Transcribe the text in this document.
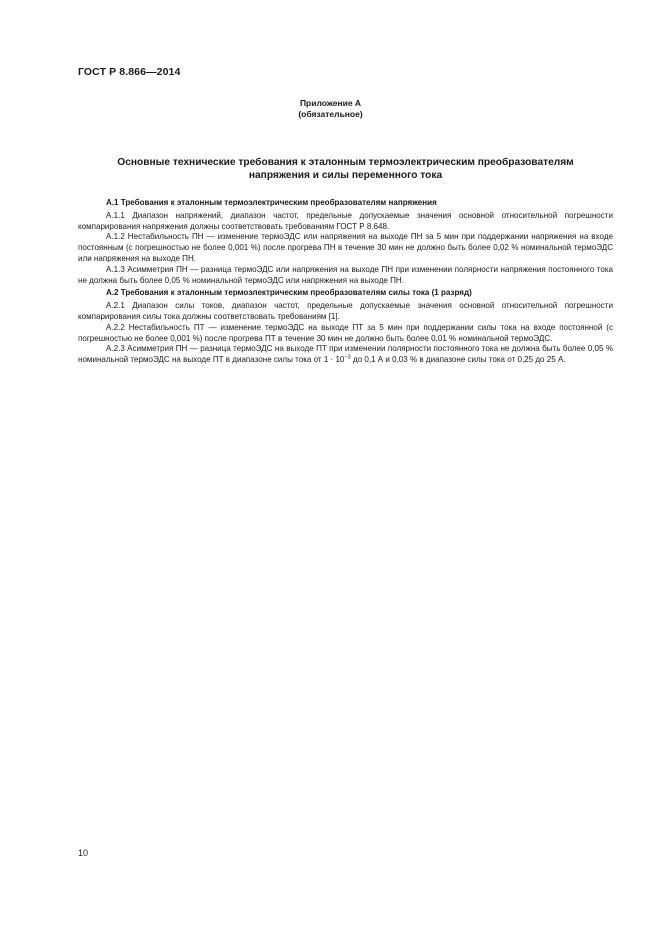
ГОСТ Р 8.866—2014
Приложение А
(обязательное)
Основные технические требования к эталонным термоэлектрическим преобразователям
напряжения и силы переменного тока

А.1 Требования к эталонным термоэлектрическим преобразователям напряжения

А.1.1 Диапазон напряжений, диапазон частот, предельные допускаемые значения основной относительной погрешности компарирования напряжения должны соответствовать требованиям ГОСТ Р 8.648.

А.1.2 Нестабильность ПН — изменение термоЭДС или напряжения на выходе ПН за 5 мин при поддержании напряжения на входе постоянным (с погрешностью не более 0,001 %) после прогрева ПН в течение 30 мин не должно быть более 0,02 % номинальной термоЭДС или напряжения на выходе ПН.

А.1.3 Асимметрия ПН — разница термоЭДС или напряжения на выходе ПН при изменении полярности напряжения постоянного тока не должна быть более 0,05 % номинальной термоЭДС или напряжения на выходе ПН.

А.2 Требования к эталонным термоэлектрическим преобразователям силы тока (1 разряд)

А.2.1 Диапазон силы токов, диапазон частот, предельные допускаемые значения основной относительной погрешности компарирования силы тока должны соответствовать требованиям [1].

А.2.2 Нестабильность ПТ — изменение термоЭДС на выходе ПТ за 5 мин при поддержании силы тока на входе постоянной (с погрешностью не более 0,001 %) после прогрева ПТ в течение 30 мин не должно быть более 0,01 % номинальной термоЭДС.

А.2.3 Асимметрия ПН — разница термоЭДС на выходе ПТ при изменении полярности постоянного тока не должна быть более 0,05 % номинальной термоЭДС на выходе ПТ в диапазоне силы тока от $1 \cdot 10^{-3}$ до 0,1 А и 0,03 % в диапазоне силы тока от 0,25 до 25 А.

10
